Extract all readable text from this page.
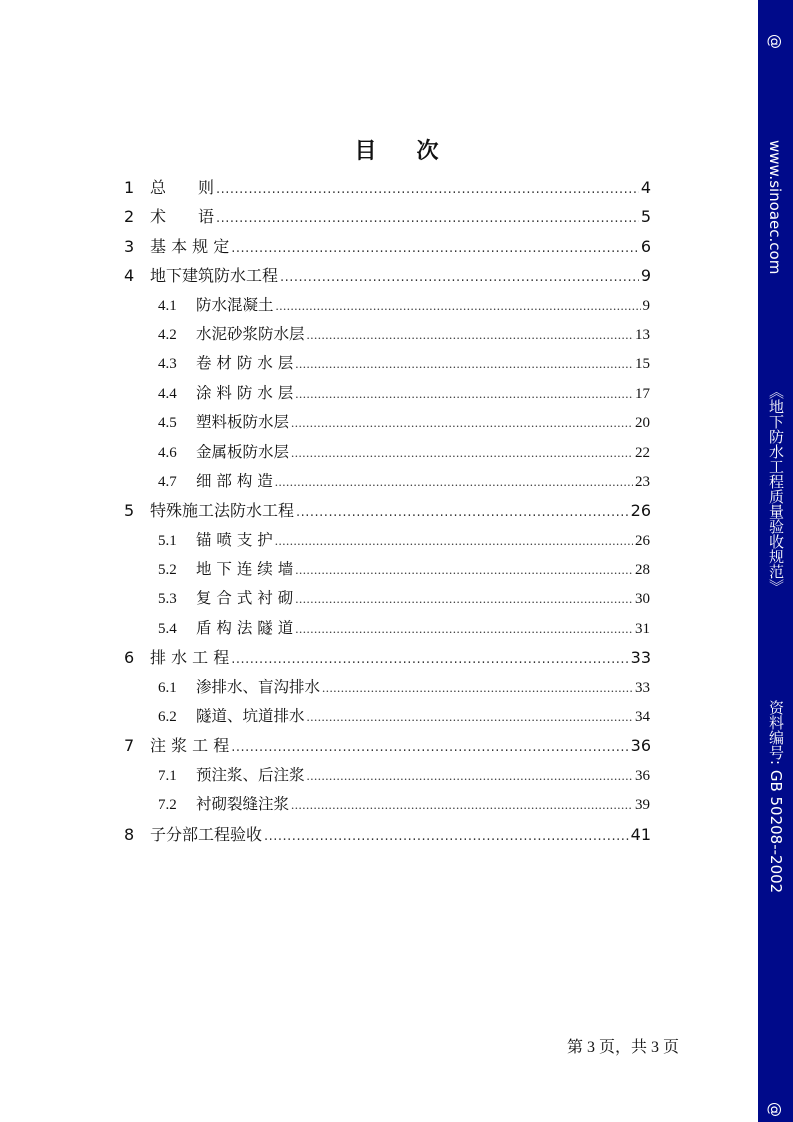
目 次
1 总　　则 .....	4
2 术　　语 .....	5
3 基 本 规 定 .....	6
4 地下建筑防水工程 .....	9
4.1	防水混凝土 .....	9
4.2	水泥砂浆防水层 .....	13
4.3	卷 材 防 水 层 .....	15
4.4	涂 料 防 水 层 .....	17
4.5	塑料板防水层 .....	20
4.6	金属板防水层 .....	22
4.7	细 部 构 造 .....	23
5 特殊施工法防水工程 .....	26
5.1	锚 喷 支 护 .....	26
5.2	地 下 连 续 墙 .....	28
5.3	复 合 式 衬 砌 .....	30
5.4	盾 构 法 隧 道 .....	31
6 排 水 工 程 .....	33
6.1	渗排水、盲沟排水 .....	33
6.2	隧道、坑道排水 .....	34
7 注 浆 工 程 .....	36
7.1	预注浆、后注浆 .....	36
7.2	衬砌裂缝注浆 .....	39
8 子分部工程验收 .....	41
第 3 页，共 3 页
@
www.sinoaec.com
《地下防水工程质量验收规范》
资料编号: GB 50208--2002
@
